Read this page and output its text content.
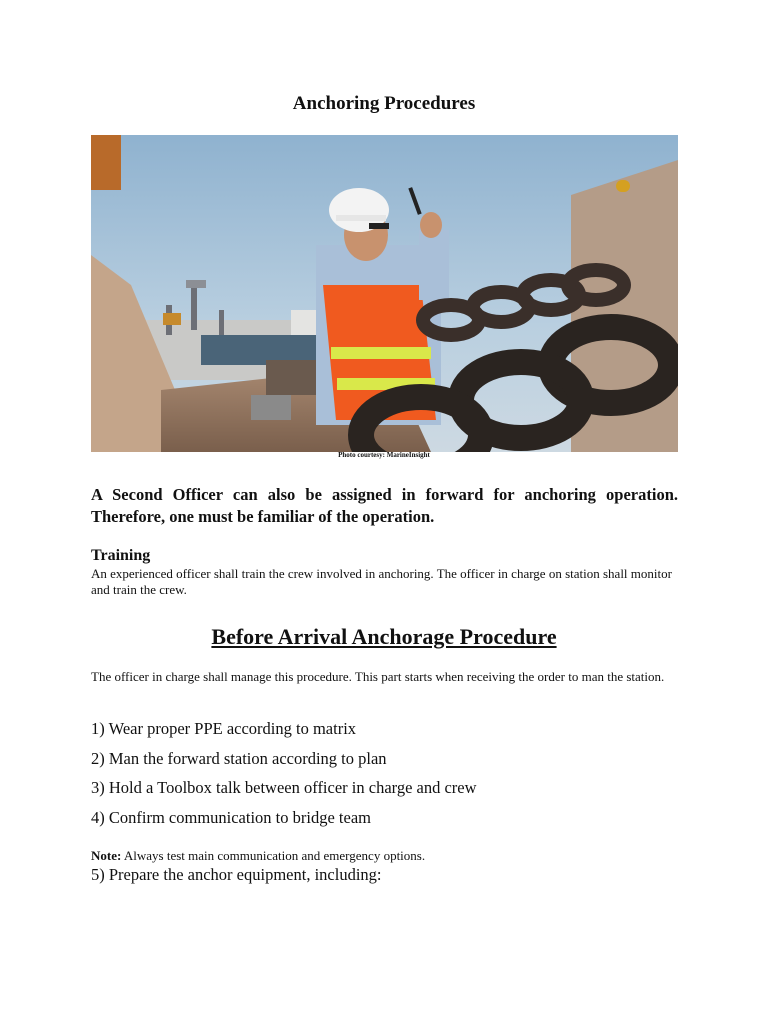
Anchoring Procedures
Photo courtesy: MarineInsight
A Second Officer can also be assigned in forward for anchoring operation. Therefore, one must be familiar of the operation.
Training
An experienced officer shall train the crew involved in anchoring. The officer in charge on station shall monitor and train the crew.
Before Arrival Anchorage Procedure
The officer in charge shall manage this procedure. This part starts when receiving the order to man the station.
1) Wear proper PPE according to matrix
2) Man the forward station according to plan
3) Hold a Toolbox talk between officer in charge and crew
4) Confirm communication to bridge team
Note: Always test main communication and emergency options.
5) Prepare the anchor equipment, including:
